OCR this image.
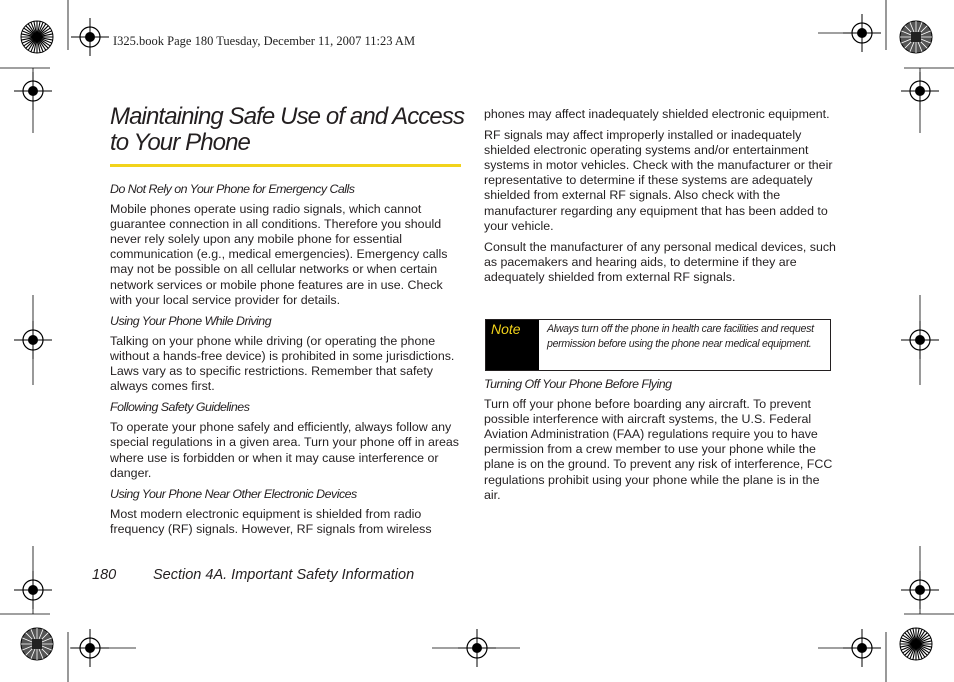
I325.book Page 180 Tuesday, December 11, 2007 11:23 AM
Maintaining Safe Use of and Access
to Your Phone
Do Not Rely on Your Phone for Emergency Calls

Mobile phones operate using radio signals, which cannot guarantee connection in all conditions. Therefore you should never rely solely upon any mobile phone for essential communication (e.g., medical emergencies). Emergency calls may not be possible on all cellular networks or when certain network services or mobile phone features are in use. Check with your local service provider for details.

Using Your Phone While Driving

Talking on your phone while driving (or operating the phone without a hands-free device) is prohibited in some jurisdictions. Laws vary as to specific restrictions. Remember that safety always comes first.

Following Safety Guidelines

To operate your phone safely and efficiently, always follow any special regulations in a given area. Turn your phone off in areas where use is forbidden or when it may cause interference or danger.

Using Your Phone Near Other Electronic Devices

Most modern electronic equipment is shielded from radio frequency (RF) signals. However, RF signals from wireless

phones may affect inadequately shielded electronic equipment.

RF signals may affect improperly installed or inadequately shielded electronic operating systems and/or entertainment systems in motor vehicles. Check with the manufacturer or their representative to determine if these systems are adequately shielded from external RF signals. Also check with the manufacturer regarding any equipment that has been added to your vehicle.

Consult the manufacturer of any personal medical devices, such as pacemakers and hearing aids, to determine if they are adequately shielded from external RF signals.

Note	Always turn off the phone in health care facilities and request permission before using the phone near medical equipment.
Turning Off Your Phone Before Flying

Turn off your phone before boarding any aircraft. To prevent possible interference with aircraft systems, the U.S. Federal Aviation Administration (FAA) regulations require you to have permission from a crew member to use your phone while the plane is on the ground. To prevent any risk of interference, FCC regulations prohibit using your phone while the plane is in the air.

180	Section 4A. Important Safety Information
